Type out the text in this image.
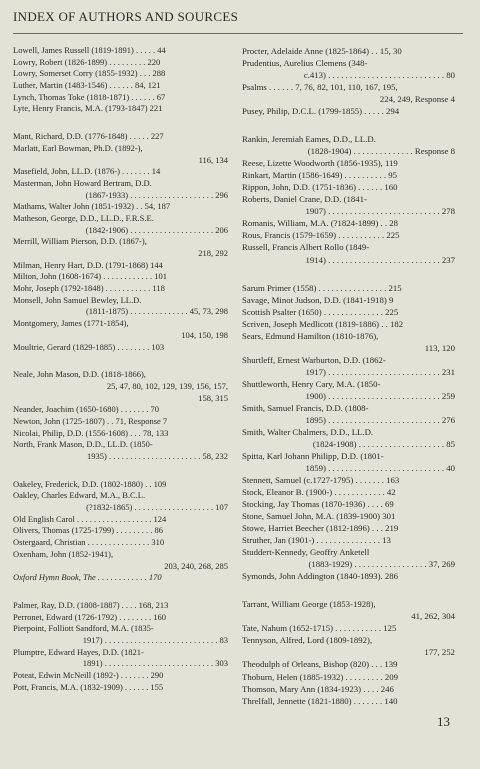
INDEX OF AUTHORS AND SOURCES

Lowell, James Russell (1819-1891) . . . . . 44

Lowry, Robert (1826-1899) . . . . . . . . . 220

Lowry, Somerset Corry (1855-1932) . . . 288

Luther, Martin (1483-1546) . . . . . . 84, 121

Lynch, Thomas Toke (1818-1871) . . . . . . 67

Lyte, Henry Francis, M.A. (1793-1847) 221

Mant, Richard, D.D. (1776-1848) . . . . . 227

Marlatt, Earl Bowman, Ph.D. (1892-),
116, 134

Masefield, John, LL.D. (1876-) . . . . . . . 14

Masterman, John Howard Bertram, D.D.
(1867-1933) . . . . . . . . . . . . . . . . . . . . 296

Mathams, Walter John (1851-1932) . . 54, 187

Matheson, George, D.D., LL.D., F.R.S.E.
(1842-1906) . . . . . . . . . . . . . . . . . . . . 206

Merrill, William Pierson, D.D. (1867-),
218, 292

Milman, Henry Hart, D.D. (1791-1868) 144

Milton, John (1608-1674) . . . . . . . . . . . . 101

Mohr, Joseph (1792-1848) . . . . . . . . . . . 118

Monsell, John Samuel Bewley, LL.D.
(1811-1875) . . . . . . . . . . . . . . 45, 73, 298

Montgomery, James (1771-1854),
104, 150, 198

Moultrie, Gerard (1829-1885) . . . . . . . . 103

Neale, John Mason, D.D. (1818-1866),
25, 47, 80, 102, 129, 139, 156, 157,
158, 315

Neander, Joachim (1650-1680) . . . . . . . 70

Newton, John (1725-1807) . . 71, Response 7

Nicolai, Philip, D.D. (1556-1608) . . . 78, 133

North, Frank Mason, D.D., LL.D. (1850-
1935) . . . . . . . . . . . . . . . . . . . . . . 58, 232

Oakeley, Frederick, D.D. (1802-1880) . . 109

Oakley, Charles Edward, M.A., B.C.L.
(?1832-1865) . . . . . . . . . . . . . . . . . . . 107

Old English Carol . . . . . . . . . . . . . . . . . . 124

Olivers, Thomas (1725-1799) . . . . . . . . . 86

Ostergaard, Christian . . . . . . . . . . . . . . . 310

Oxenham, John (1852-1941),
203, 240, 268, 285

Oxford Hymn Book, The . . . . . . . . . . . . 170

Palmer, Ray, D.D. (1808-1887) . . . . 168, 213

Perronet, Edward (1726-1792) . . . . . . . . 160

Pierpoint, Folliott Sandford, M.A. (1835-
1917) . . . . . . . . . . . . . . . . . . . . . . . . . . . 83

Plumptre, Edward Hayes, D.D. (1821-
1891) . . . . . . . . . . . . . . . . . . . . . . . . . . 303

Poteat, Edwin McNeill (1892-) . . . . . . . 290

Pott, Francis, M.A. (1832-1909) . . . . . . 155

Procter, Adelaide Anne (1825-1864) . . 15, 30

Prudentius, Aurelius Clemens (348-
c.413) . . . . . . . . . . . . . . . . . . . . . . . . . . . 80

Psalms . . . . . . 7, 76, 82, 101, 110, 167, 195,
224, 249, Response 4

Pusey, Philip, D.C.L. (1799-1855) . . . . . 294

Rankin, Jeremiah Eames, D.D., LL.D.
(1828-1904) . . . . . . . . . . . . . . Response 8

Reese, Lizette Woodworth (1856-1935), 119

Rinkart, Martin (1586-1649) . . . . . . . . . . 95

Rippon, John, D.D. (1751-1836) . . . . . . 160

Roberts, Daniel Crane, D.D. (1841-
1907) . . . . . . . . . . . . . . . . . . . . . . . . . . 278

Romanis, William, M.A. (?1824-1899) . . 28

Rous, Francis (1579-1659) . . . . . . . . . . . 225

Russell, Francis Albert Rollo (1849-
1914) . . . . . . . . . . . . . . . . . . . . . . . . . . 237

Sarum Primer (1558) . . . . . . . . . . . . . . . . 215

Savage, Minot Judson, D.D. (1841-1918) 9

Scottish Psalter (1650) . . . . . . . . . . . . . . 225

Scriven, Joseph Medlicott (1819-1886) . . 182

Sears, Edmund Hamilton (1810-1876),
113, 120

Shurtleff, Ernest Warburton, D.D. (1862-
1917) . . . . . . . . . . . . . . . . . . . . . . . . . . 231

Shuttleworth, Henry Cary, M.A. (1850-
1900) . . . . . . . . . . . . . . . . . . . . . . . . . . 259

Smith, Samuel Francis, D.D. (1808-
1895) . . . . . . . . . . . . . . . . . . . . . . . . . . 276

Smith, Walter Chalmers, D.D., LL.D.
(1824-1908) . . . . . . . . . . . . . . . . . . . . 85

Spitta, Karl Johann Philipp, D.D. (1801-
1859) . . . . . . . . . . . . . . . . . . . . . . . . . . . 40

Stennett, Samuel (c.1727-1795) . . . . . . . 163

Stock, Eleanor B. (1900-) . . . . . . . . . . . . 42

Stocking, Jay Thomas (1870-1936) . . . . 69

Stone, Samuel John, M.A. (1839-1900) 301

Stowe, Harriet Beecher (1812-1896) . . . 219

Struther, Jan (1901-) . . . . . . . . . . . . . . . 13

Studdert-Kennedy, Geoffry Anketell
(1883-1929) . . . . . . . . . . . . . . . . . 37, 269

Symonds, John Addington (1840-1893). 286

Tarrant, William George (1853-1928),
41, 262, 304

Tate, Nahum (1652-1715) . . . . . . . . . . . 125

Tennyson, Alfred, Lord (1809-1892),
177, 252

Theodulph of Orleans, Bishop (820) . . . 139

Thoburn, Helen (1885-1932) . . . . . . . . . 209

Thomson, Mary Ann (1834-1923) . . . . 246

Threlfall, Jennette (1821-1880) . . . . . . . 140

13
